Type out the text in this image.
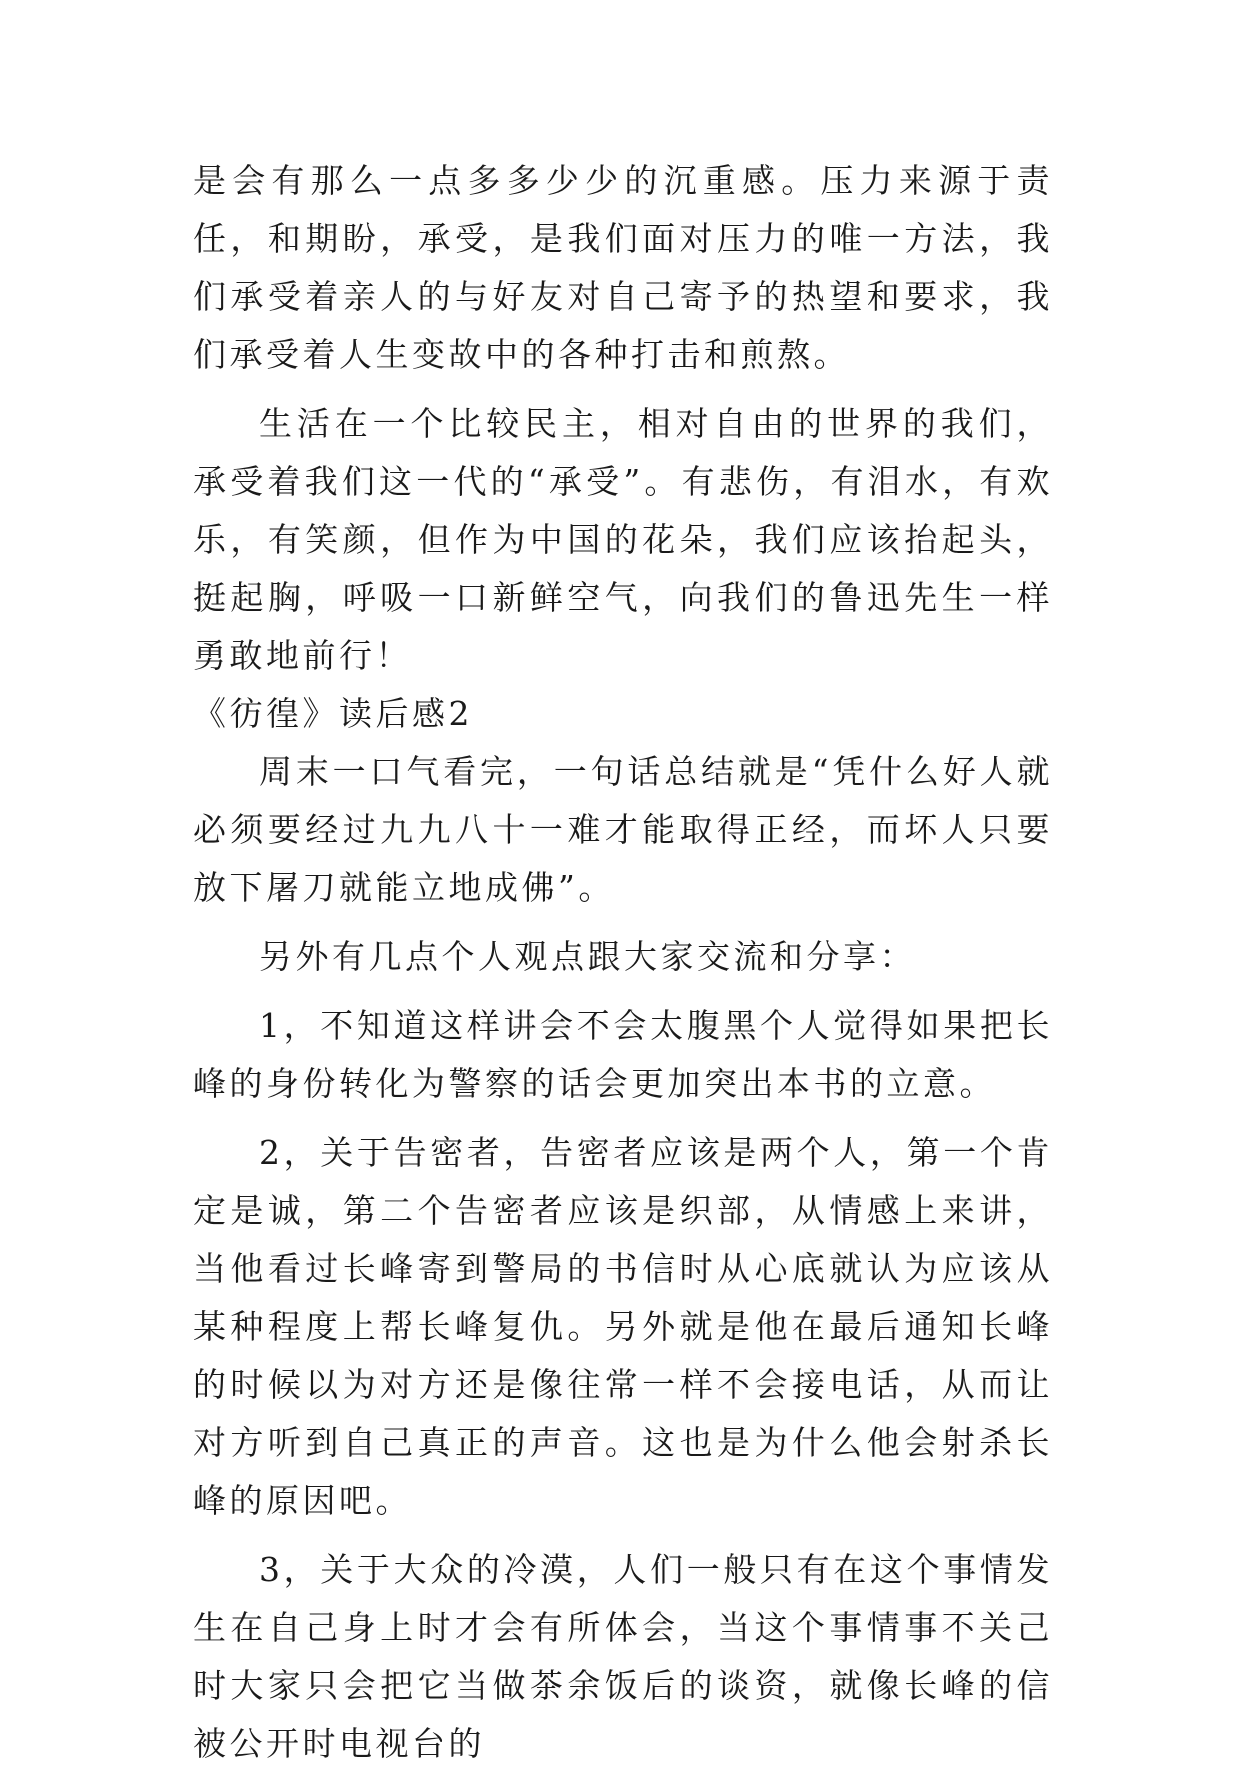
是会有那么一点多多少少的沉重感。压力来源于责任，和期盼，承受，是我们面对压力的唯一方法，我们承受着亲人的与好友对自己寄予的热望和要求，我们承受着人生变故中的各种打击和煎熬。

生活在一个比较民主，相对自由的世界的我们，承受着我们这一代的“承受”。有悲伤，有泪水，有欢乐，有笑颜，但作为中国的花朵，我们应该抬起头，挺起胸，呼吸一口新鲜空气，向我们的鲁迅先生一样勇敢地前行！

《彷徨》读后感2

周末一口气看完，一句话总结就是“凭什么好人就必须要经过九九八十一难才能取得正经，而坏人只要放下屠刀就能立地成佛”。

另外有几点个人观点跟大家交流和分享：

1，不知道这样讲会不会太腹黑个人觉得如果把长峰的身份转化为警察的话会更加突出本书的立意。

2，关于告密者，告密者应该是两个人，第一个肯定是诚，第二个告密者应该是织部，从情感上来讲，当他看过长峰寄到警局的书信时从心底就认为应该从某种程度上帮长峰复仇。另外就是他在最后通知长峰的时候以为对方还是像往常一样不会接电话，从而让对方听到自己真正的声音。这也是为什么他会射杀长峰的原因吧。

3，关于大众的冷漠，人们一般只有在这个事情发生在自己身上时才会有所体会，当这个事情事不关己时大家只会把它当做茶余饭后的谈资，就像长峰的信被公开时电视台的
